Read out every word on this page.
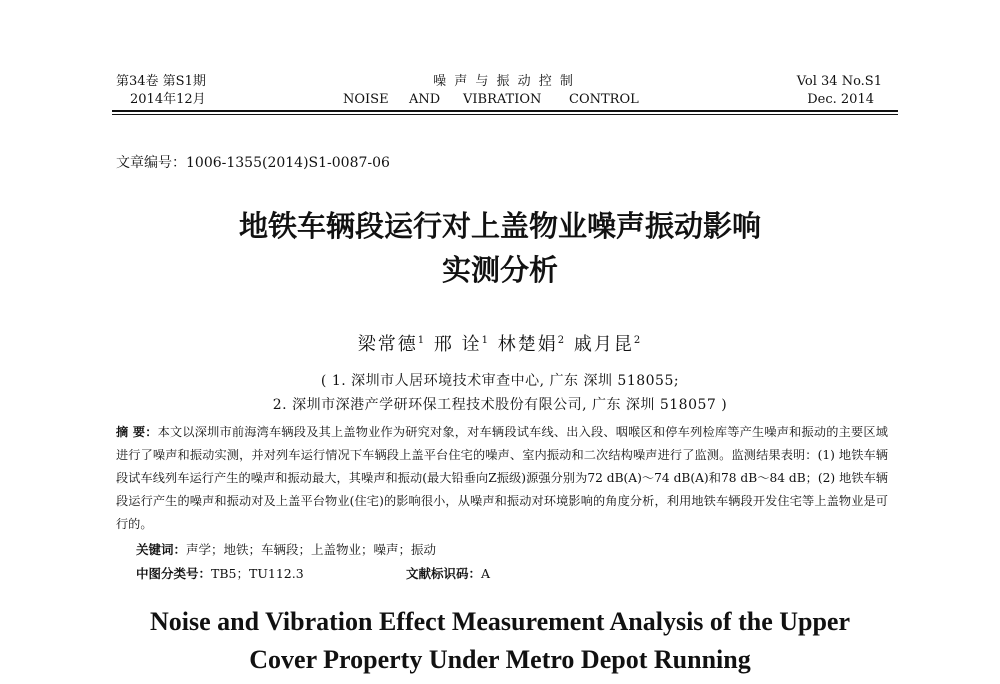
第34卷 第S1期
2014年12月
噪 声 与 振 动 控 制
NOISE AND VIBRATION CONTROL
Vol 34 No.S1
Dec. 2014
文章编号：1006-1355(2014)S1-0087-06
地铁车辆段运行对上盖物业噪声振动影响
实测分析
梁常德$^1$ 邢 诠$^1$ 林楚娟$^2$ 戚月昆$^2$
( 1. 深圳市人居环境技术审查中心, 广东 深圳 518055;
2. 深圳市深港产学研环保工程技术股份有限公司, 广东 深圳 518057 )
摘 要：本文以深圳市前海湾车辆段及其上盖物业作为研究对象，对车辆段试车线、出入段、咽喉区和停车列检库等产生噪声和振动的主要区域进行了噪声和振动实测，并对列车运行情况下车辆段上盖平台住宅的噪声、室内振动和二次结构噪声进行了监测。监测结果表明：(1) 地铁车辆段试车线列车运行产生的噪声和振动最大，其噪声和振动(最大铅垂向Z振级)源强分别为72 dB(A)～74 dB(A)和78 dB～84 dB；(2) 地铁车辆段运行产生的噪声和振动对及上盖平台物业(住宅)的影响很小，从噪声和振动对环境影响的角度分析，利用地铁车辆段开发住宅等上盖物业是可行的。
关键词：声学；地铁；车辆段；上盖物业；噪声；振动
中图分类号：TB5；TU112.3	文献标识码：A
Noise and Vibration Effect Measurement Analysis of the Upper
Cover Property Under Metro Depot Running
